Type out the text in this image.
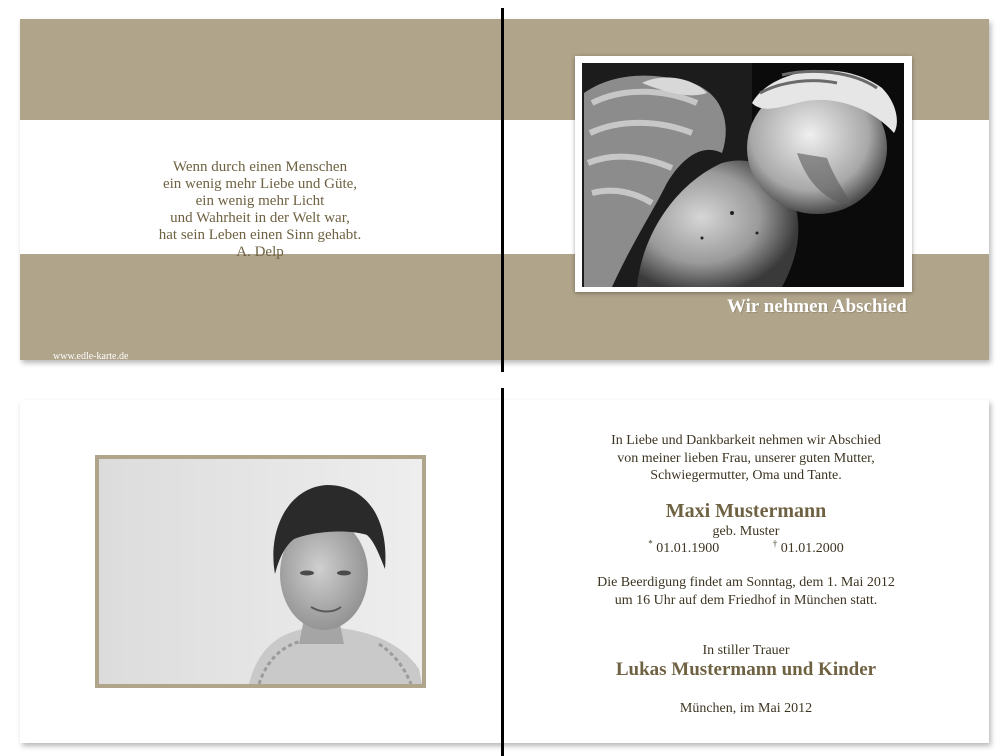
Wenn durch einen Menschen
ein wenig mehr Liebe und Güte,
ein wenig mehr Licht
und Wahrheit in der Welt war,
hat sein Leben einen Sinn gehabt.
A. Delp
www.edle-karte.de
Wir nehmen Abschied
In Liebe und Dankbarkeit nehmen wir Abschied
von meiner lieben Frau, unserer guten Mutter,
Schwiegermutter, Oma und Tante.
Maxi Mustermann
geb. Muster
* 01.01.1900	† 01.01.2000
Die Beerdigung findet am Sonntag, dem 1. Mai 2012
um 16 Uhr auf dem Friedhof in München statt.
In stiller Trauer
Lukas Mustermann und Kinder
München, im Mai 2012
